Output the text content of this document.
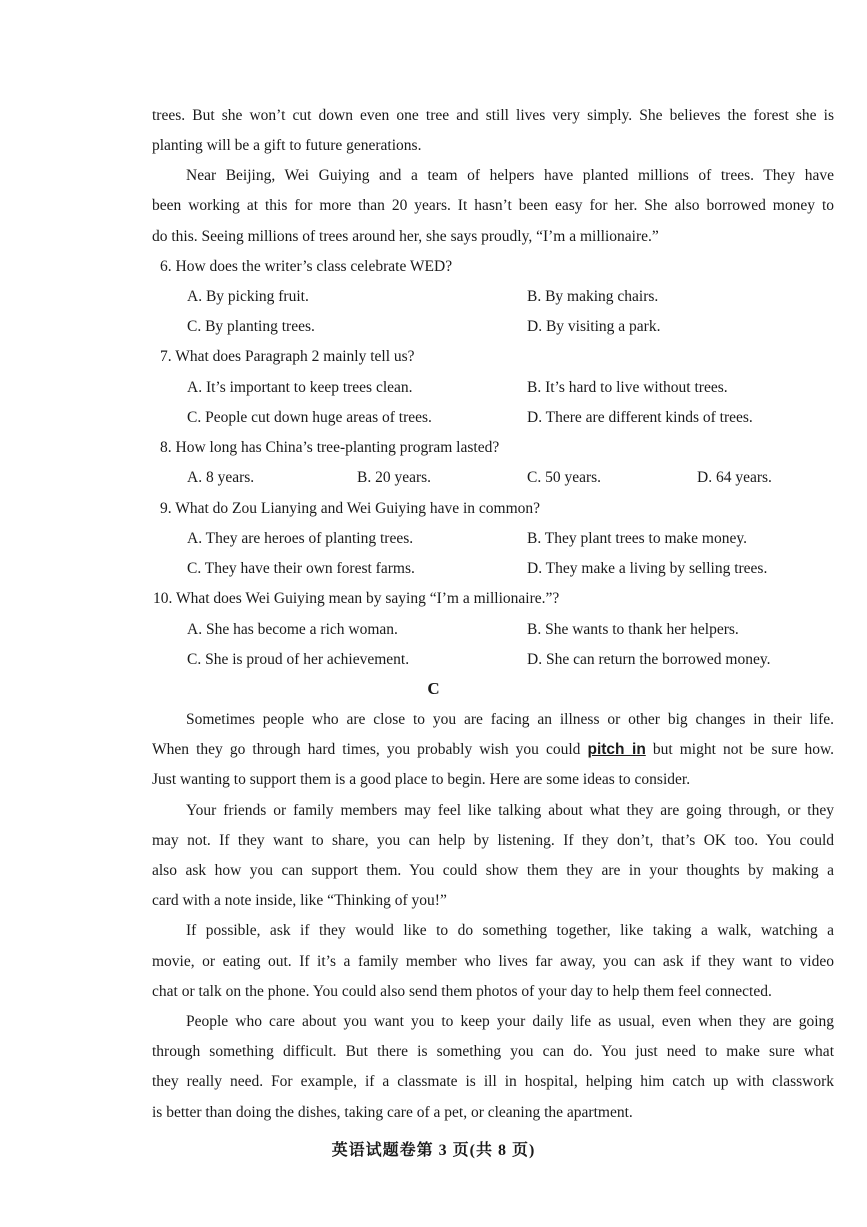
trees. But she won’t cut down even one tree and still lives very simply. She believes the forest she is
planting will be a gift to future generations.
Near Beijing, Wei Guiying and a team of helpers have planted millions of trees. They have
been working at this for more than 20 years. It hasn’t been easy for her. She also borrowed money to
do this. Seeing millions of trees around her, she says proudly, “I’m a millionaire.”
6. How does the writer’s class celebrate WED?
A. By picking fruit.	B. By making chairs.
C. By planting trees.	D. By visiting a park.
7. What does Paragraph 2 mainly tell us?
A. It’s important to keep trees clean.	B. It’s hard to live without trees.
C. People cut down huge areas of trees.	D. There are different kinds of trees.
8. How long has China’s tree-planting program lasted?
A. 8 years.	B. 20 years.	C. 50 years.	D. 64 years.
9. What do Zou Lianying and Wei Guiying have in common?
A. They are heroes of planting trees.	B. They plant trees to make money.
C. They have their own forest farms.	D. They make a living by selling trees.
10. What does Wei Guiying mean by saying “I’m a millionaire.”?
A. She has become a rich woman.	B. She wants to thank her helpers.
C. She is proud of her achievement.	D. She can return the borrowed money.
C
Sometimes people who are close to you are facing an illness or other big changes in their life.
When they go through hard times, you probably wish you could pitch in but might not be sure how.
Just wanting to support them is a good place to begin. Here are some ideas to consider.
Your friends or family members may feel like talking about what they are going through, or they
may not. If they want to share, you can help by listening. If they don’t, that’s OK too. You could
also ask how you can support them. You could show them they are in your thoughts by making a
card with a note inside, like “Thinking of you!”
If possible, ask if they would like to do something together, like taking a walk, watching a
movie, or eating out. If it’s a family member who lives far away, you can ask if they want to video
chat or talk on the phone. You could also send them photos of your day to help them feel connected.
People who care about you want you to keep your daily life as usual, even when they are going
through something difficult. But there is something you can do. You just need to make sure what
they really need. For example, if a classmate is ill in hospital, helping him catch up with classwork
is better than doing the dishes, taking care of a pet, or cleaning the apartment.
英语试题卷第 3 页(共 8 页)
